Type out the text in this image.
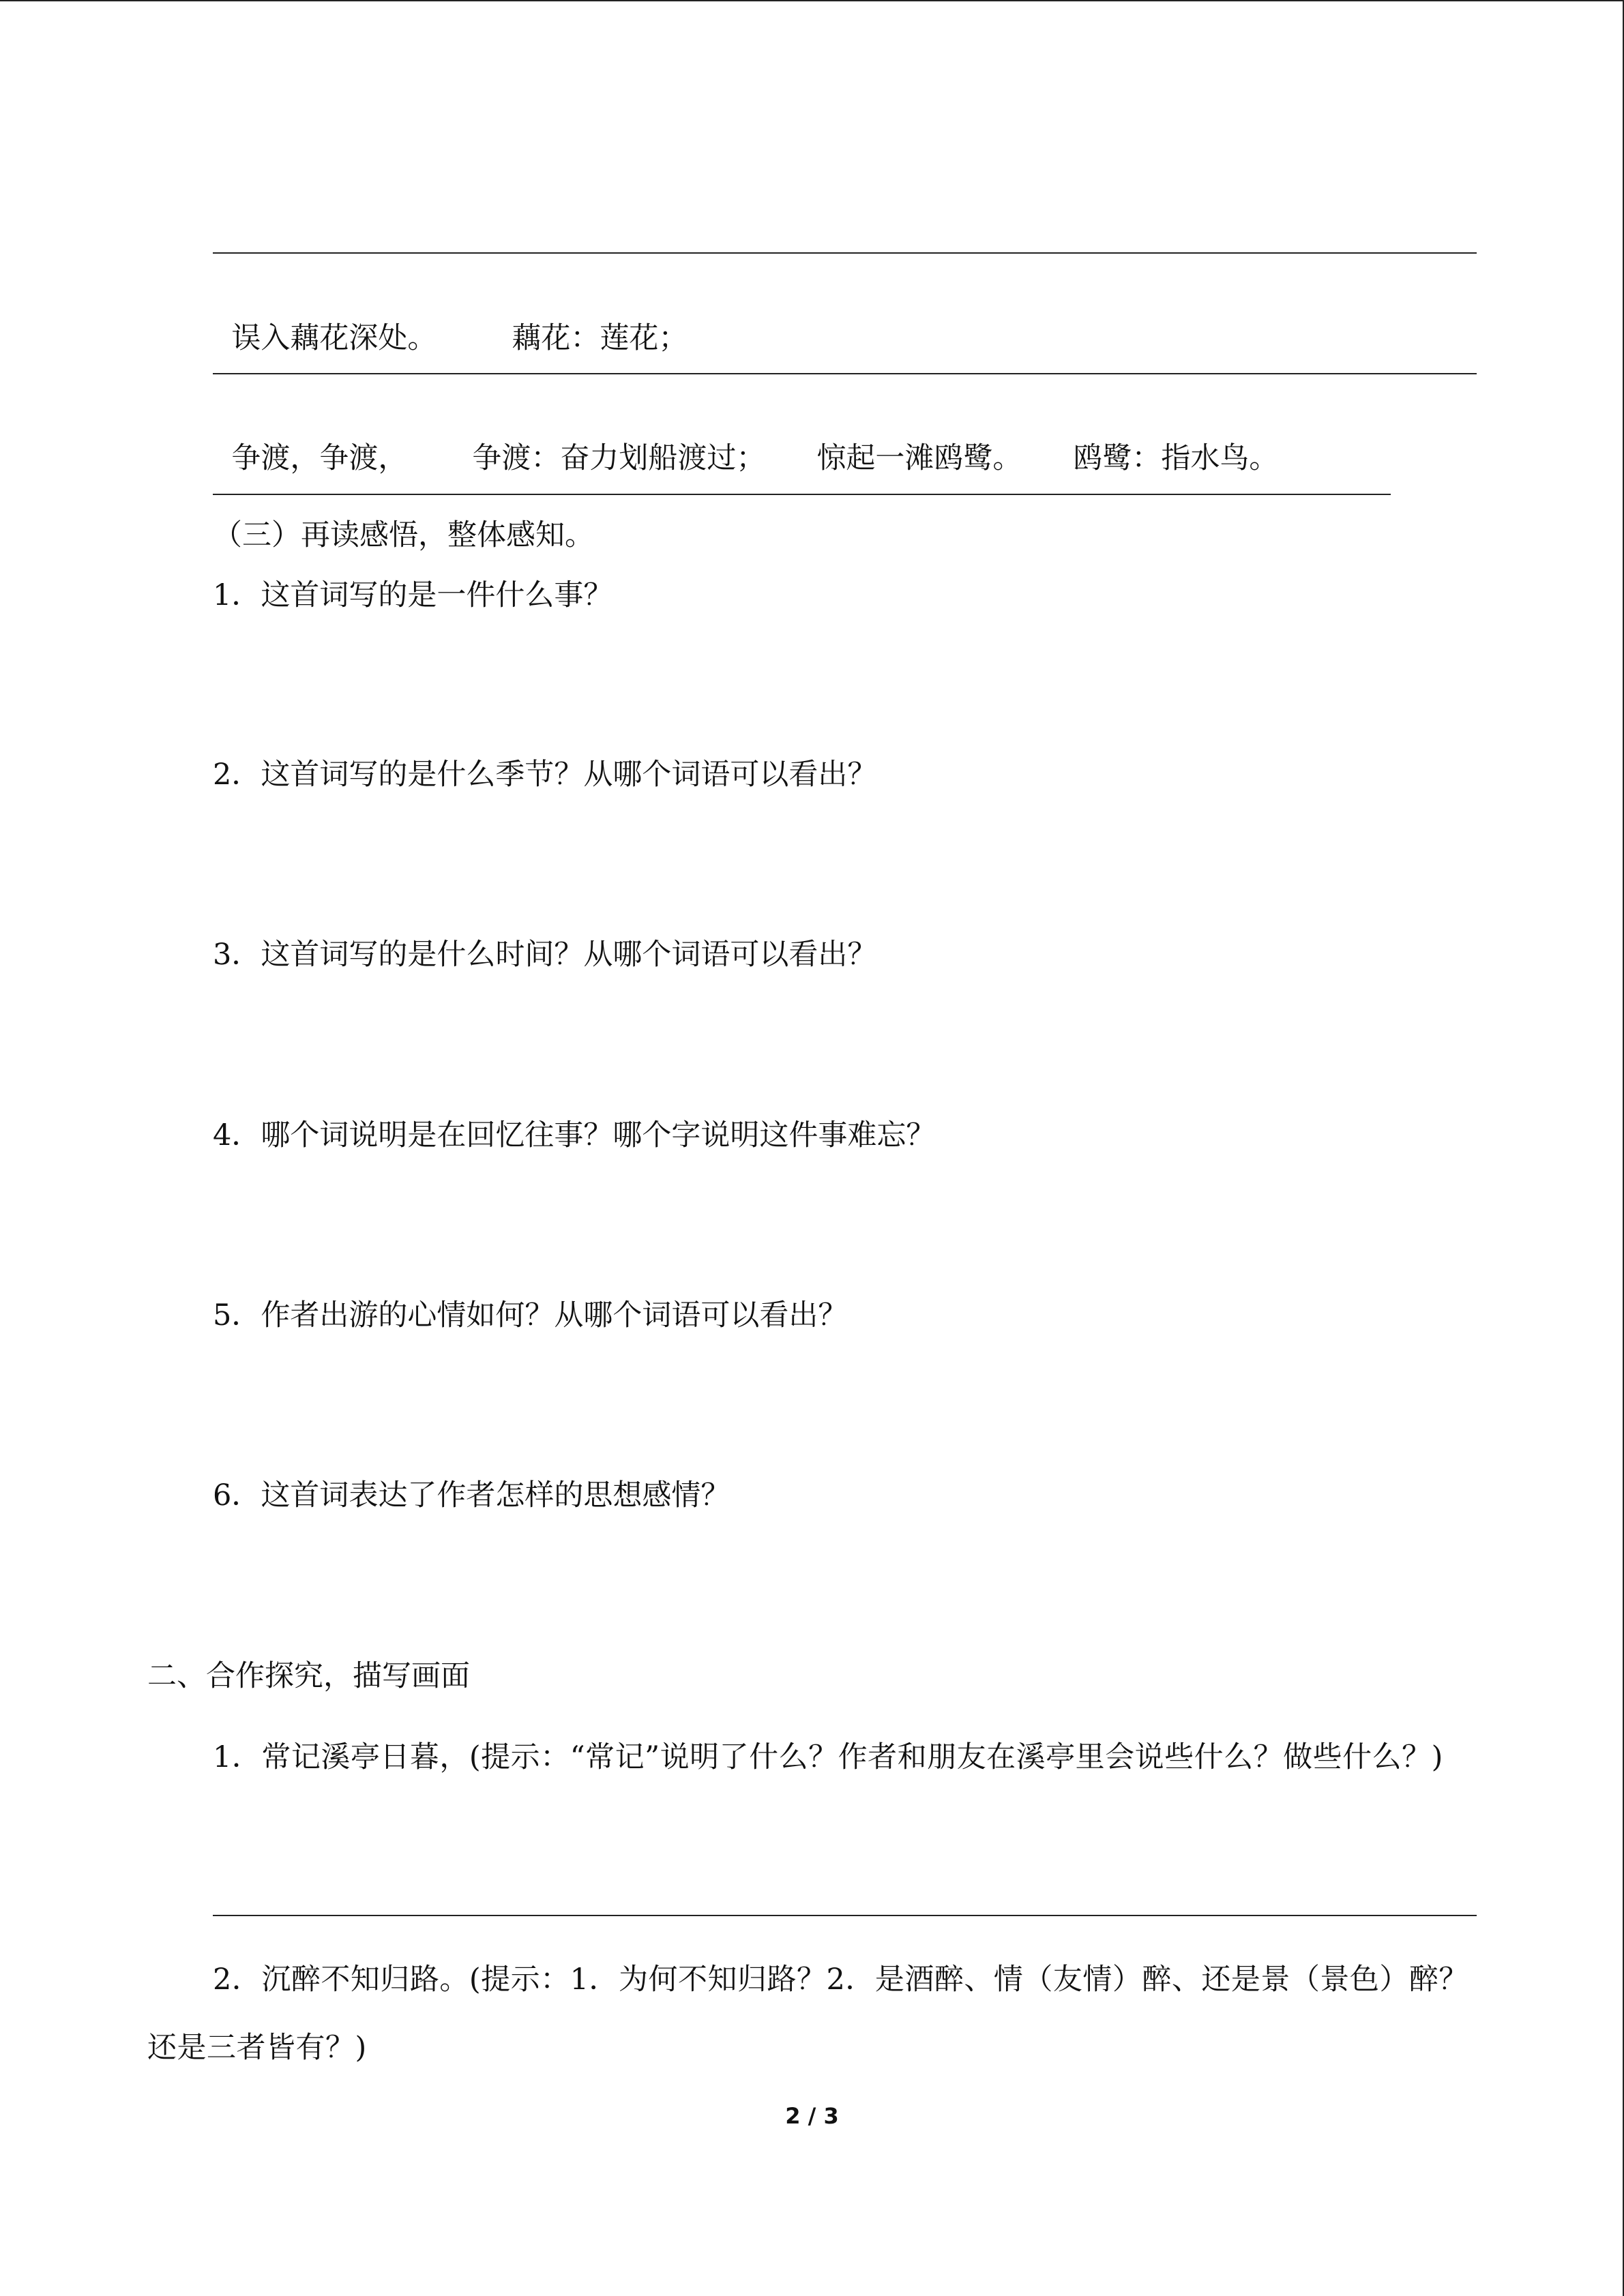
误入藕花深处。	藕花：莲花；

争渡，争渡， 争渡：奋力划船渡过； 惊起一滩鸥鹭。 鸥鹭：指水鸟。

（三）再读感悟，整体感知。
1．这首词写的是一件什么事？
2．这首词写的是什么季节？从哪个词语可以看出？
3．这首词写的是什么时间？从哪个词语可以看出？
4．哪个词说明是在回忆往事？哪个字说明这件事难忘？
5．作者出游的心情如何？从哪个词语可以看出？
6．这首词表达了作者怎样的思想感情？
二、合作探究，描写画面
1．常记溪亭日暮，(提示：“常记”说明了什么？作者和朋友在溪亭里会说些什么？做些什么？)
2．沉醉不知归路。(提示：1．为何不知归路？2．是酒醉、情（友情）醉、还是景（景色）醉？还是三者皆有？)
2 / 3
